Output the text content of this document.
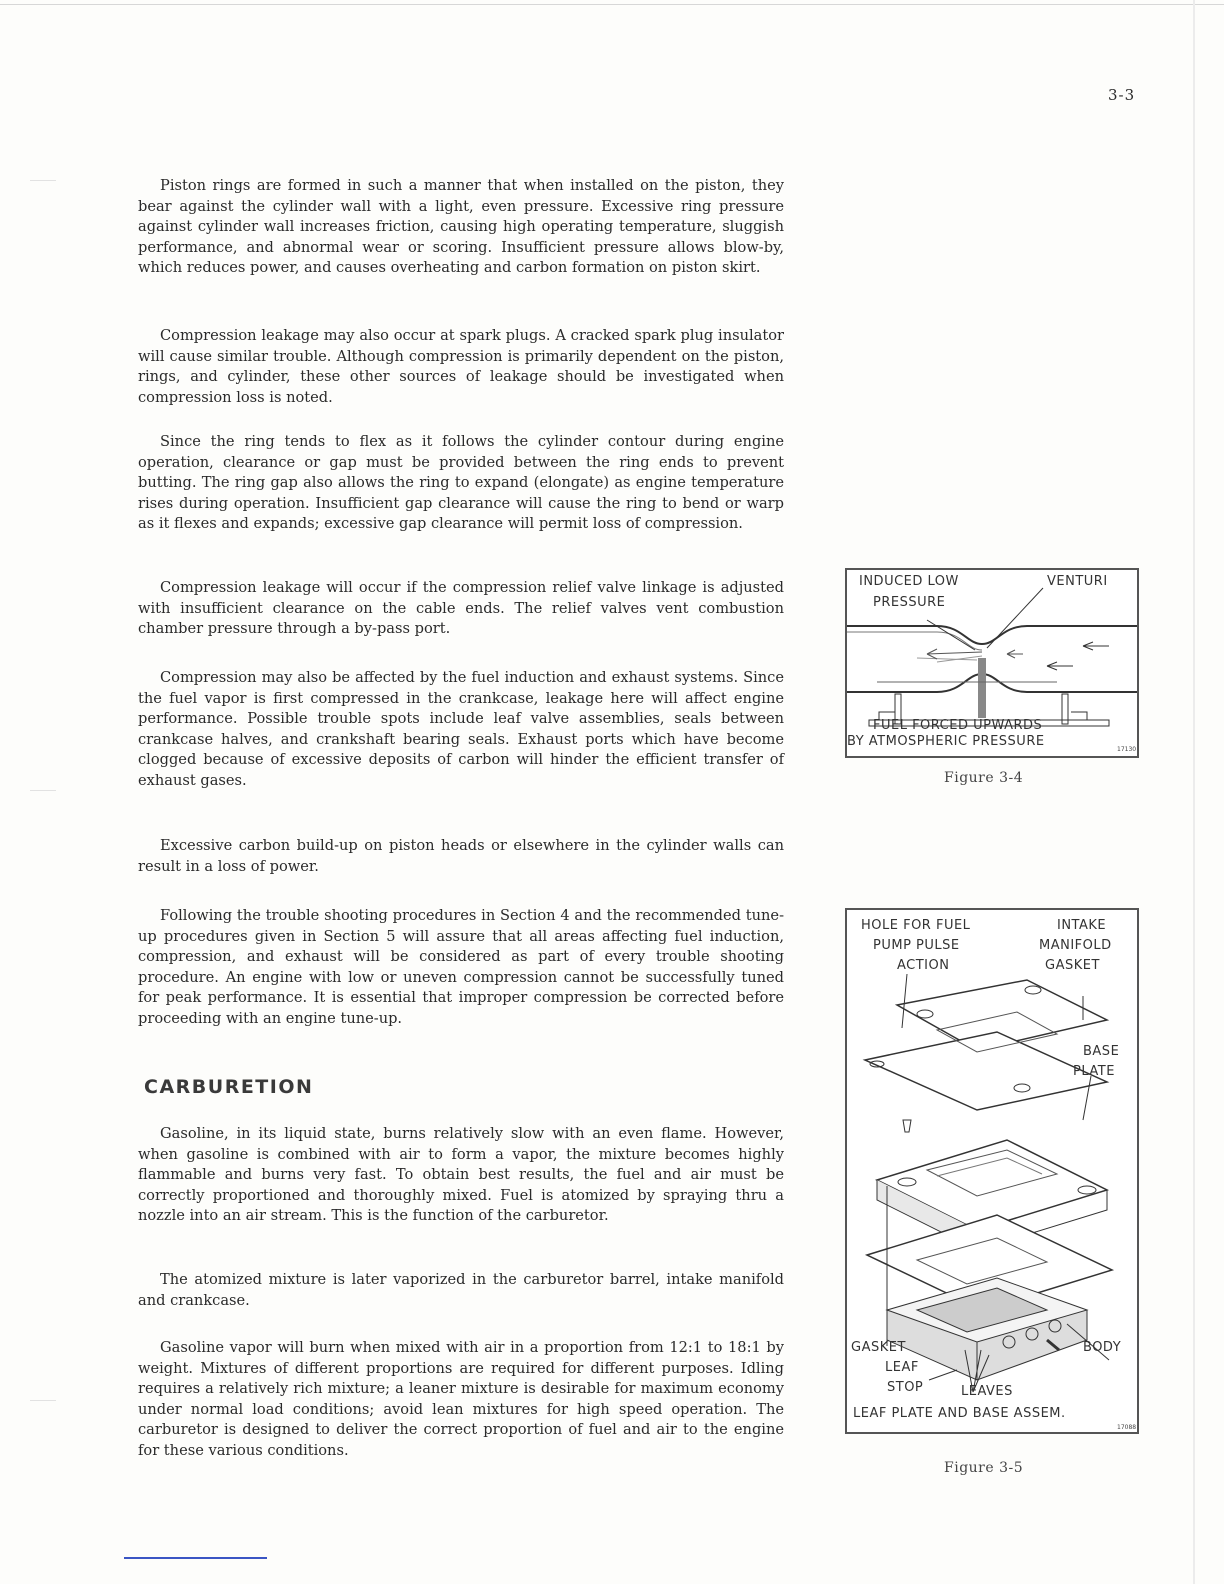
3-3

Piston rings are formed in such a manner that when installed on the piston, they bear against the cylinder wall with a light, even pressure. Excessive ring pressure against cylinder wall increases friction, causing high operating temperature, sluggish performance, and abnormal wear or scoring. Insufficient pressure allows blow-by, which reduces power, and causes overheating and carbon formation on piston skirt.

Compression leakage may also occur at spark plugs. A cracked spark plug insulator will cause similar trouble. Although compression is primarily dependent on the piston, rings, and cylinder, these other sources of leakage should be investigated when compression loss is noted.

Since the ring tends to flex as it follows the cylinder contour during engine operation, clearance or gap must be provided between the ring ends to prevent butting. The ring gap also allows the ring to expand (elongate) as engine temperature rises during operation. Insufficient gap clearance will cause the ring to bend or warp as it flexes and expands; excessive gap clearance will permit loss of compression.

Compression leakage will occur if the compression relief valve linkage is adjusted with insufficient clearance on the cable ends. The relief valves vent combustion chamber pressure through a by-pass port.

Compression may also be affected by the fuel induction and exhaust systems. Since the fuel vapor is first compressed in the crankcase, leakage here will affect engine performance. Possible trouble spots include leaf valve assemblies, seals between crankcase halves, and crankshaft bearing seals. Exhaust ports which have become clogged because of excessive deposits of carbon will hinder the efficient transfer of exhaust gases.

Excessive carbon build-up on piston heads or elsewhere in the cylinder walls can result in a loss of power.

Following the trouble shooting procedures in Section 4 and the recommended tune-up procedures given in Section 5 will assure that all areas affecting fuel induction, compression, and exhaust will be considered as part of every trouble shooting procedure. An engine with low or uneven compression cannot be successfully tuned for peak performance. It is essential that improper compression be corrected before proceeding with an engine tune-up.

CARBURETION

Gasoline, in its liquid state, burns relatively slow with an even flame. However, when gasoline is combined with air to form a vapor, the mixture becomes highly flammable and burns very fast. To obtain best results, the fuel and air must be correctly proportioned and thoroughly mixed. Fuel is atomized by spraying thru a nozzle into an air stream. This is the function of the carburetor.

The atomized mixture is later vaporized in the carburetor barrel, intake manifold and crankcase.

Gasoline vapor will burn when mixed with air in a proportion from 12:1 to 18:1 by weight. Mixtures of different proportions are required for different purposes. Idling requires a relatively rich mixture; a leaner mixture is desirable for maximum economy under normal load conditions; avoid lean mixtures for high speed operation. The carburetor is designed to deliver the correct proportion of fuel and air to the engine for these various conditions.

INDUCED LOW
PRESSURE
VENTURI
FUEL FORCED UPWARDS
BY ATMOSPHERIC PRESSURE
17130
Figure 3-4
HOLE FOR FUEL
PUMP PULSE
ACTION
INTAKE
MANIFOLD
GASKET
BASE
PLATE
GASKET	BODY
LEAF
STOP	LEAVES
LEAF PLATE AND BASE ASSEM.
17088
Figure 3-5
